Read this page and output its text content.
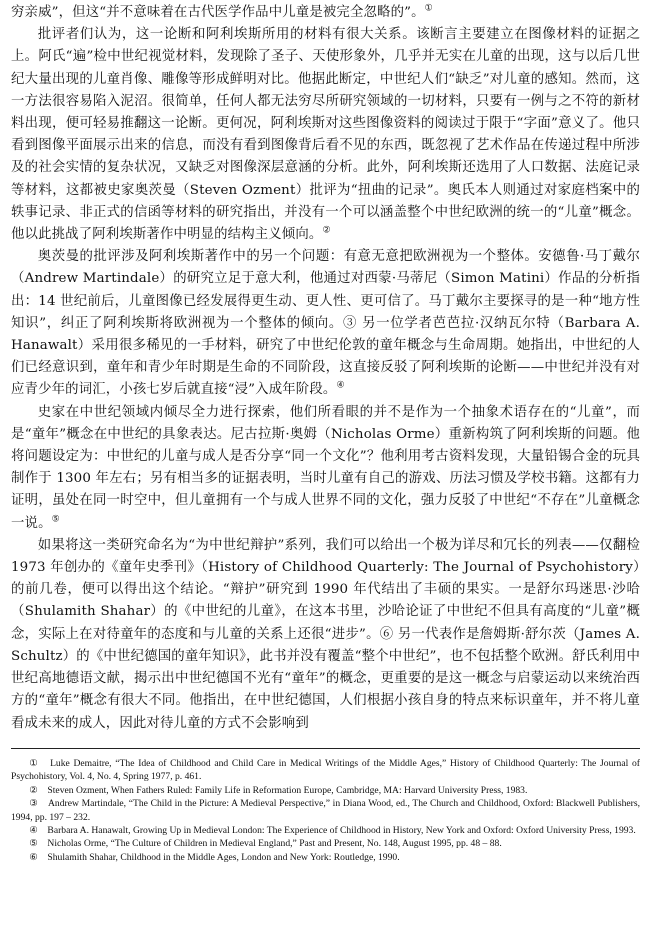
穷亲威”，但这“并不意味着在古代医学作品中儿童是被完全忽略的”。①

批评者们认为，这一论断和阿利埃斯所用的材料有很大关系。该断言主要建立在图像材料的证据之上。阿氏“遍”检中世纪视觉材料，发现除了圣子、天使形象外，几乎并无实在儿童的出现，这与以后几世纪大量出现的儿童肖像、雕像等形成鲜明对比。他据此断定，中世纪人们“缺乏”对儿童的感知。然而，这一方法很容易陷入泥沼。很简单，任何人都无法穷尽所研究领域的一切材料，只要有一例与之不符的新材料出现，便可轻易推翻这一论断。更何况，阿利埃斯对这些图像资料的阅读过于限于“字面”意义了。他只看到图像平面展示出来的信息，而没有看到图像背后看不见的东西，既忽视了艺术作品在传递过程中所涉及的社会实情的复杂状况，又缺乏对图像深层意涵的分析。此外，阿利埃斯还选用了人口数据、法庭记录等材料，这都被史家奥茨曼（Steven Ozment）批评为“扭曲的记录”。奥氏本人则通过对家庭档案中的轶事记录、非正式的信函等材料的研究指出，并没有一个可以涵盖整个中世纪欧洲的统一的“儿童”概念。他以此挑战了阿利埃斯著作中明显的结构主义倾向。②

奥茨曼的批评涉及阿利埃斯著作中的另一个问题：有意无意把欧洲视为一个整体。安德鲁·马丁戴尔（Andrew Martindale）的研究立足于意大利，他通过对西蒙·马蒂尼（Simon Matini）作品的分析指出：14 世纪前后，儿童图像已经发展得更生动、更人性、更可信了。马丁戴尔主要探寻的是一种“地方性知识”，纠正了阿利埃斯将欧洲视为一个整体的倾向。③ 另一位学者芭芭拉·汉纳瓦尔特（Barbara A. Hanawalt）采用很多稀见的一手材料，研究了中世纪伦敦的童年概念与生命周期。她指出，中世纪的人们已经意识到，童年和青少年时期是生命的不同阶段，这直接反驳了阿利埃斯的论断——中世纪并没有对应青少年的词汇，小孩七岁后就直接“浸”入成年阶段。④

史家在中世纪领域内倾尽全力进行探索，他们所看眼的并不是作为一个抽象术语存在的“儿童”，而是“童年”概念在中世纪的具象表达。尼古拉斯·奥姆（Nicholas Orme）重新构筑了阿利埃斯的问题。他将问题设定为：中世纪的儿童与成人是否分享“同一个文化”？他利用考古资料发现，大量铅锡合金的玩具制作于 1300 年左右；另有相当多的证据表明，当时儿童有自己的游戏、历法习惯及学校书籍。这都有力证明，虽处在同一时空中，但儿童拥有一个与成人世界不同的文化，强力反驳了中世纪“不存在”儿童概念一说。⑤

如果将这一类研究命名为“为中世纪辩护”系列，我们可以给出一个极为详尽和冗长的列表——仅翻检 1973 年创办的《童年史季刊》（History of Childhood Quarterly: The Journal of Psychohistory）的前几卷，便可以得出这个结论。“辩护”研究到 1990 年代结出了丰硕的果实。一是舒尔玛迷思·沙哈（Shulamith Shahar）的《中世纪的儿童》，在这本书里，沙哈论证了中世纪不但具有高度的“儿童”概念，实际上在对待童年的态度和与儿童的关系上还很“进步”。⑥ 另一代表作是詹姆斯·舒尔茨（James A. Schultz）的《中世纪德国的童年知识》，此书并没有覆盖“整个中世纪”，也不包括整个欧洲。舒氏利用中世纪高地德语文献，揭示出中世纪德国不光有“童年”的概念，更重要的是这一概念与启蒙运动以来统治西方的“童年”概念有很大不同。他指出，在中世纪德国，人们根据小孩自身的特点来标识童年，并不将儿童看成未来的成人，因此对待儿童的方式不会影响到

①　Luke Demaitre, “The Idea of Childhood and Child Care in Medical Writings of the Middle Ages,” History of Childhood Quarterly: The Journal of Psychohistory, Vol. 4, No. 4, Spring 1977, p. 461.

②　Steven Ozment, When Fathers Ruled: Family Life in Reformation Europe, Cambridge, MA: Harvard University Press, 1983.

③　Andrew Martindale, “The Child in the Picture: A Medieval Perspective,” in Diana Wood, ed., The Church and Childhood, Oxford: Blackwell Publishers, 1994, pp. 197 – 232.

④　Barbara A. Hanawalt, Growing Up in Medieval London: The Experience of Childhood in History, New York and Oxford: Oxford University Press, 1993.

⑤　Nicholas Orme, “The Culture of Children in Medieval England,” Past and Present, No. 148, August 1995, pp. 48 – 88.

⑥　Shulamith Shahar, Childhood in the Middle Ages, London and New York: Routledge, 1990.
